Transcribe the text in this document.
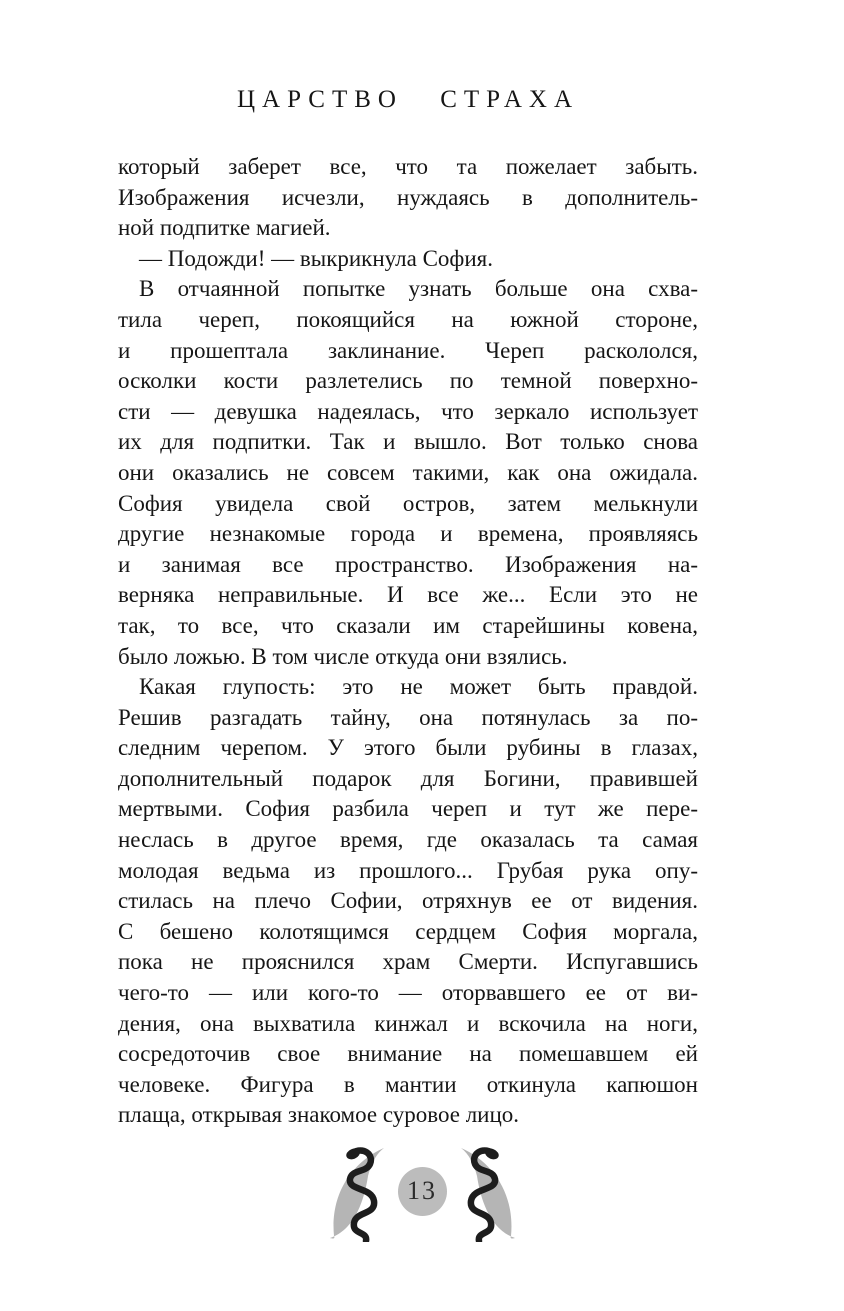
ЦАРСТВО СТРАХА
который заберет все, что та пожелает забыть.
Изображения исчезли, нуждаясь в дополнитель-
ной подпитке магией.
— Подожди! — выкрикнула София.
В отчаянной попытке узнать больше она схва-
тила череп, покоящийся на южной стороне,
и прошептала заклинание. Череп раскололся,
осколки кости разлетелись по темной поверхно-
сти — девушка надеялась, что зеркало использует
их для подпитки. Так и вышло. Вот только снова
они оказались не совсем такими, как она ожидала.
София увидела свой остров, затем мелькнули
другие незнакомые города и времена, проявляясь
и занимая все пространство. Изображения на-
верняка неправильные. И все же... Если это не
так, то все, что сказали им старейшины ковена,
было ложью. В том числе откуда они взялись.
Какая глупость: это не может быть правдой.
Решив разгадать тайну, она потянулась за по-
следним черепом. У этого были рубины в глазах,
дополнительный подарок для Богини, правившей
мертвыми. София разбила череп и тут же пере-
неслась в другое время, где оказалась та самая
молодая ведьма из прошлого... Грубая рука опу-
стилась на плечо Софии, отряхнув ее от видения.
С бешено колотящимся сердцем София моргала,
пока не прояснился храм Смерти. Испугавшись
чего-то — или кого-то — оторвавшего ее от ви-
дения, она выхватила кинжал и вскочила на ноги,
сосредоточив свое внимание на помешавшем ей
человеке. Фигура в мантии откинула капюшон
плаща, открывая знакомое суровое лицо.
13
